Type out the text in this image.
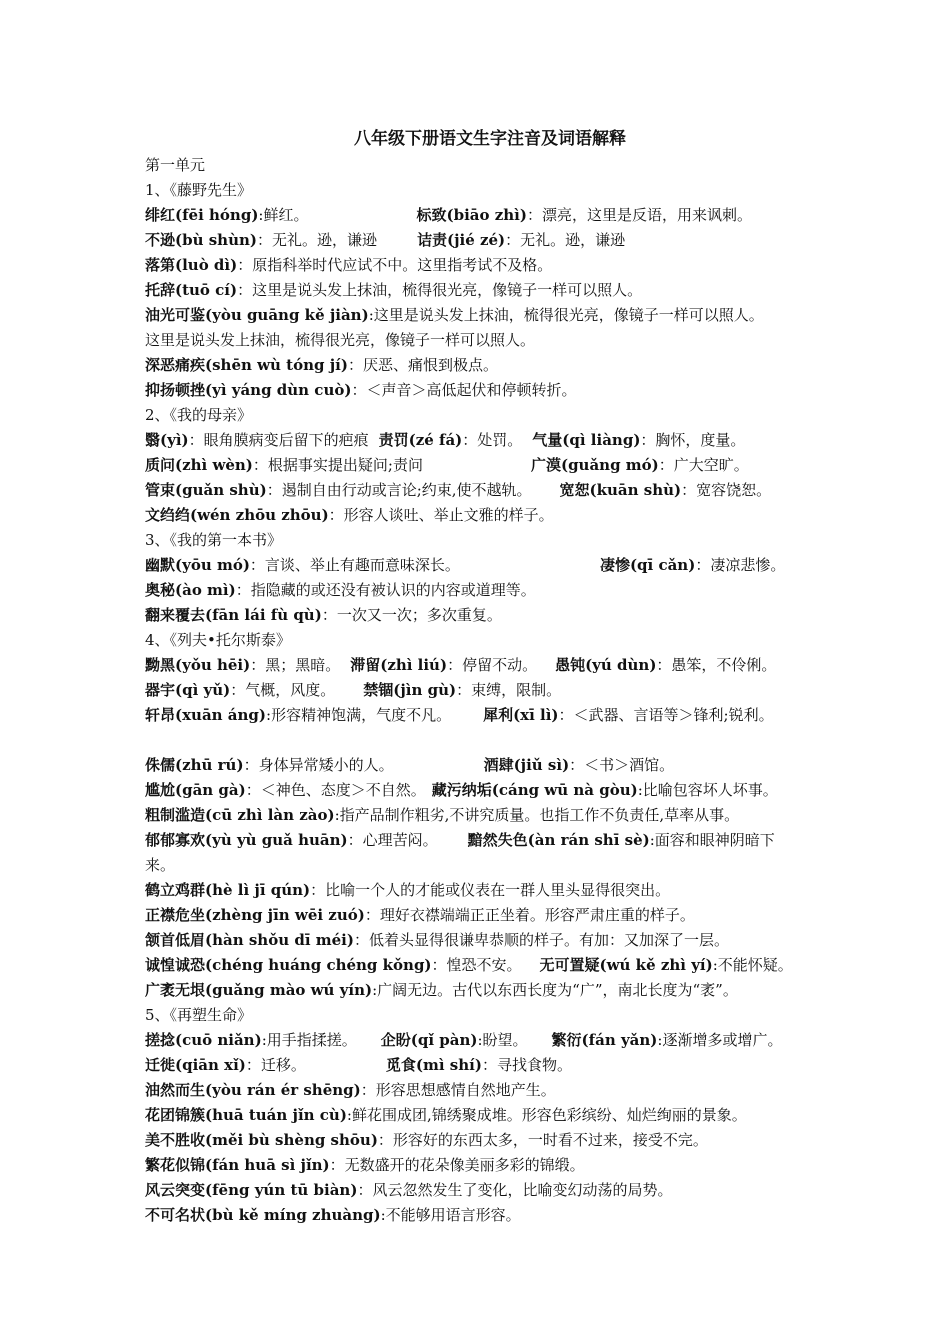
八年级下册语文生字注音及词语解释
第一单元
1、《藤野先生》
绯红(fēi hóng):鲜红。	标致(biāo zhì)：漂亮，这里是反语，用来讽刺。
不逊(bù shùn)：无礼。逊，谦逊	诘责(jié zé)：无礼。逊，谦逊
落第(luò dì)：原指科举时代应试不中。这里指考试不及格。
托辞(tuō cí)：这里是说头发上抹油，梳得很光亮，像镜子一样可以照人。
油光可鉴(yòu guāng kě jiàn):这里是说头发上抹油，梳得很光亮，像镜子一样可以照人。
这里是说头发上抹油，梳得很光亮，像镜子一样可以照人。
深恶痛疾(shēn wù tóng jí)：厌恶、痛恨到极点。
抑扬顿挫(yì yáng dùn cuò)：＜声音＞高低起伏和停顿转折。
2、《我的母亲》
翳(yì)：眼角膜病变后留下的疤痕 责罚(zé fá)：处罚。 气量(qì liàng)：胸怀，度量。
质问(zhì wèn)：根据事实提出疑问;责问	广漠(guǎng mó)：广大空旷。
管束(guǎn shù)：遏制自由行动或言论;约束,使不越轨。 宽恕(kuān shù)：宽容饶恕。
文绉绉(wén zhōu zhōu)：形容人谈吐、举止文雅的样子。
3、《我的第一本书》
幽默(yōu mó)：言谈、举止有趣而意味深长。	凄惨(qī cǎn)：凄凉悲惨。
奥秘(ào mì)：指隐藏的或还没有被认识的内容或道理等。
翻来覆去(fān lái fù qù)：一次又一次；多次重复。
4、《列夫•托尔斯泰》
黝黑(yǒu hēi)：黑；黑暗。 滞留(zhì liú)：停留不动。 愚钝(yú dùn)：愚笨，不伶俐。
器宇(qì yǔ)：气概，风度。 禁锢(jìn gù)：束缚，限制。
轩昂(xuān áng):形容精神饱满，气度不凡。 犀利(xī lì)：＜武器、言语等＞锋利;锐利。
侏儒(zhū rú)：身体异常矮小的人。	酒肆(jiǔ sì)：＜书＞酒馆。
尴尬(gān gà)：＜神色、态度＞不自然。 藏污纳垢(cáng wū nà gòu):比喻包容坏人坏事。
粗制滥造(cū zhì làn zào):指产品制作粗劣,不讲究质量。也指工作不负责任,草率从事。
郁郁寡欢(yù yù guǎ huān)：心理苦闷。 黯然失色(àn rán shī sè):面容和眼神阴暗下
来。
鹤立鸡群(hè lì jī qún)：比喻一个人的才能或仪表在一群人里头显得很突出。
正襟危坐(zhèng jīn wēi zuó)：理好衣襟端端正正坐着。形容严肃庄重的样子。
颔首低眉(hàn shǒu dī méi)：低着头显得很谦卑恭顺的样子。有加：又加深了一层。
诚惶诚恐(chéng huáng chéng kǒng)：惶恐不安。 无可置疑(wú kě zhì yí):不能怀疑。
广袤无垠(guǎng mào wú yín):广阔无边。古代以东西长度为“广”，南北长度为“袤”。
5、《再塑生命》
搓捻(cuō niǎn):用手指揉搓。 企盼(qǐ pàn):盼望。 繁衍(fán yǎn):逐渐增多或增广。
迁徙(qiān xǐ)：迁移。	觅食(mì shí)：寻找食物。
油然而生(yòu rán ér shēng)：形容思想感情自然地产生。
花团锦簇(huā tuán jǐn cù):鲜花围成团,锦绣聚成堆。形容色彩缤纷、灿烂绚丽的景象。
美不胜收(měi bù shèng shōu)：形容好的东西太多，一时看不过来，接受不完。
繁花似锦(fán huā sì jǐn)：无数盛开的花朵像美丽多彩的锦缎。
风云突变(fēng yún tū biàn)：风云忽然发生了变化，比喻变幻动荡的局势。
不可名状(bù kě míng zhuàng):不能够用语言形容。
